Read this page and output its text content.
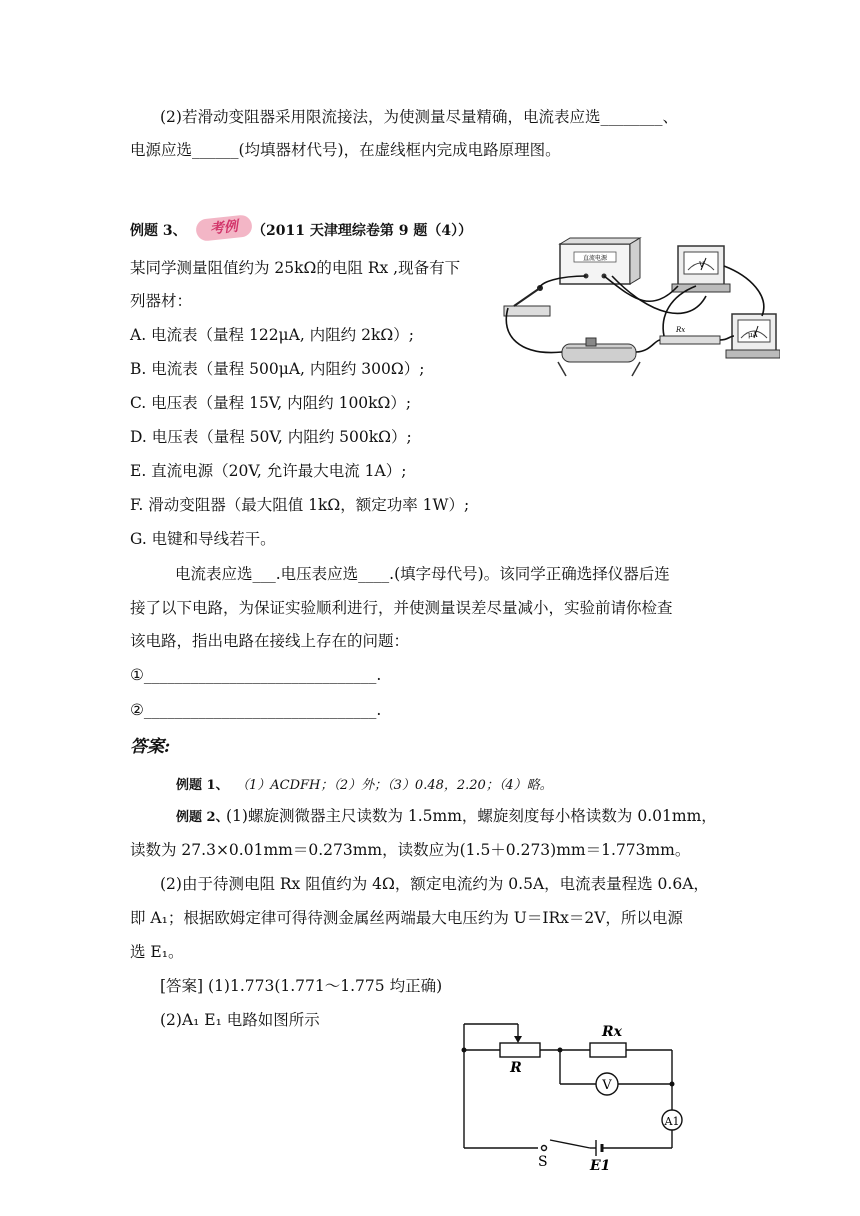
(2)若滑动变阻器采用限流接法，为使测量尽量精确，电流表应选________、
电源应选______(均填器材代号)，在虚线框内完成电路原理图。
例题 3、	考例 （2011 天津理综卷第 9 题（4））
某同学测量阻值约为 25kΩ的电阻 Rx ,现备有下
列器材：
A. 电流表（量程 122μA, 内阻约 2kΩ）;
B. 电流表（量程 500μA, 内阻约 300Ω）;
C. 电压表（量程 15V, 内阻约 100kΩ）;
D. 电压表（量程 50V, 内阻约 500kΩ）;
E. 直流电源（20V, 允许最大电流 1A）;
F. 滑动变阻器（最大阻值 1kΩ，额定功率 1W）;
G. 电键和导线若干。
直流电源
V
μA
Rx
电流表应选___.电压表应选____.(填字母代号)。该同学正确选择仪器后连
接了以下电路，为保证实验顺利进行，并使测量误差尽量减小，实验前请你检查
该电路，指出电路在接线上存在的问题：
①______________________________.
②______________________________.
答案:
例题 1、 （1）ACDFH；（2）外；（3）0.48，2.20；（4）略。
例题 2、
(1)螺旋测微器主尺读数为 1.5mm，螺旋刻度每小格读数为 0.01mm，
读数为 27.3×0.01mm＝0.273mm，读数应为(1.5＋0.273)mm＝1.773mm。
(2)由于待测电阻 Rx 阻值约为 4Ω，额定电流约为 0.5A，电流表量程选 0.6A，
即 A₁；根据欧姆定律可得待测金属丝两端最大电压约为 U＝IRx＝2V，所以电源
选 E₁。
[答案] (1)1.773(1.771～1.775 均正确)
(2)A₁ E₁ 电路如图所示
R
Rx
V
A1
S	E1
